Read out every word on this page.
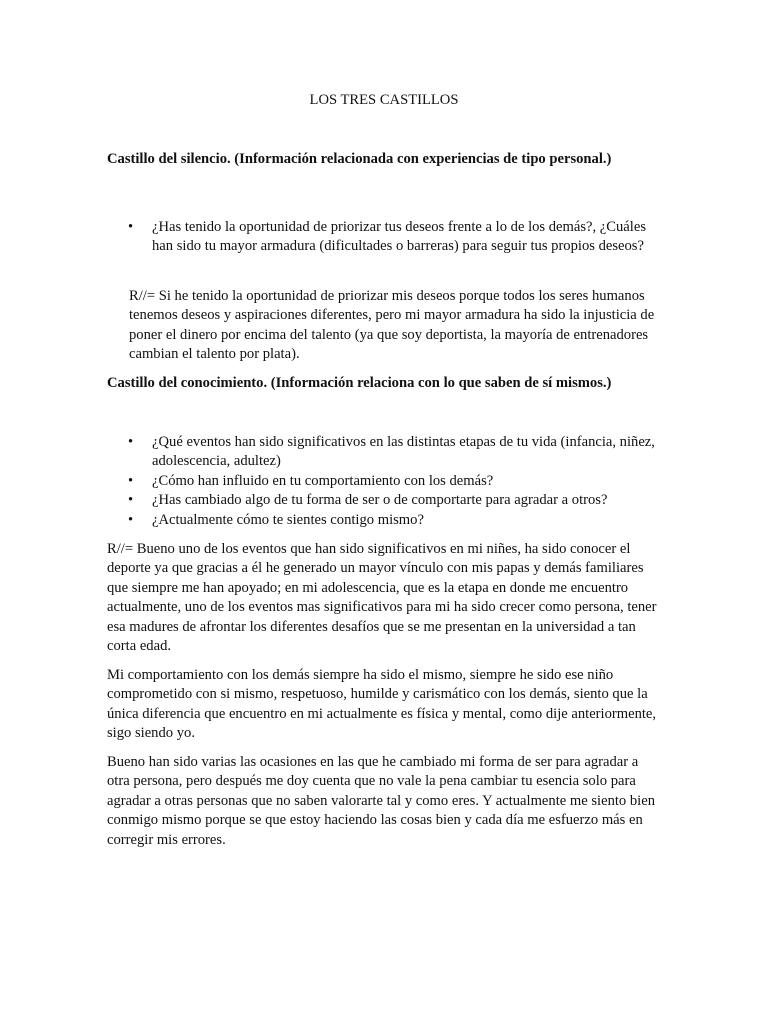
LOS TRES CASTILLOS

Castillo del silencio. (Información relacionada con experiencias de tipo personal.)

• ¿Has tenido la oportunidad de priorizar tus deseos frente a lo de los demás?, ¿Cuáles han sido tu mayor armadura (dificultades o barreras) para seguir tus propios deseos?

R//= Si he tenido la oportunidad de priorizar mis deseos porque todos los seres humanos tenemos deseos y aspiraciones diferentes, pero mi mayor armadura ha sido la injusticia de poner el dinero por encima del talento (ya que soy deportista, la mayoría de entrenadores cambian el talento por plata).

Castillo del conocimiento. (Información relaciona con lo que saben de sí mismos.)

• ¿Qué eventos han sido significativos en las distintas etapas de tu vida (infancia, niñez, adolescencia, adultez)
• ¿Cómo han influido en tu comportamiento con los demás?
• ¿Has cambiado algo de tu forma de ser o de comportarte para agradar a otros?
• ¿Actualmente cómo te sientes contigo mismo?

R//= Bueno uno de los eventos que han sido significativos en mi niñes, ha sido conocer el deporte ya que gracias a él he generado un mayor vínculo con mis papas y demás familiares que siempre me han apoyado; en mi adolescencia, que es la etapa en donde me encuentro actualmente, uno de los eventos mas significativos para mi ha sido crecer como persona, tener esa madures de afrontar los diferentes desafíos que se me presentan en la universidad a tan corta edad.

Mi comportamiento con los demás siempre ha sido el mismo, siempre he sido ese niño comprometido con si mismo, respetuoso, humilde y carismático con los demás, siento que la única diferencia que encuentro en mi actualmente es física y mental, como dije anteriormente, sigo siendo yo.

Bueno han sido varias las ocasiones en las que he cambiado mi forma de ser para agradar a otra persona, pero después me doy cuenta que no vale la pena cambiar tu esencia solo para agradar a otras personas que no saben valorarte tal y como eres. Y actualmente me siento bien conmigo mismo porque se que estoy haciendo las cosas bien y cada día me esfuerzo más en corregir mis errores.
